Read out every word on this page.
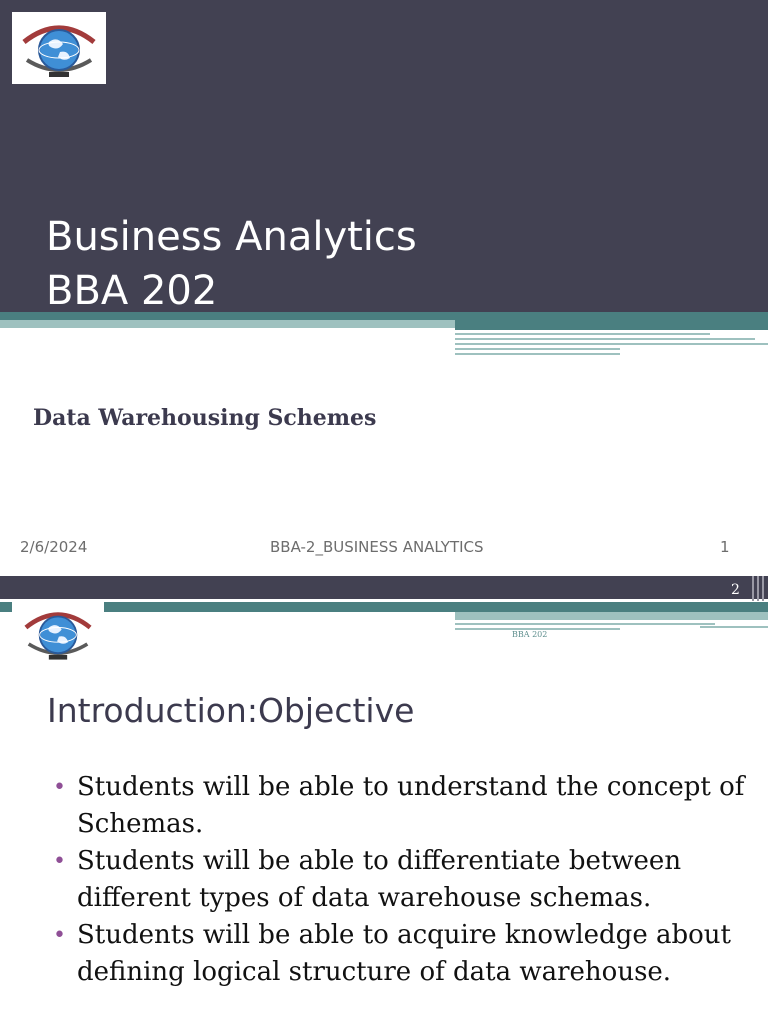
Business Analytics
BBA 202
Data Warehousing Schemes
2/6/2024	BBA-2_BUSINESS ANALYTICS	1
2
BBA 202
Introduction:Objective
• Students will be able to understand the concept of Schemas.
• Students will be able to differentiate between different types of data warehouse schemas.
• Students will be able to acquire knowledge about defining logical structure of data warehouse.
